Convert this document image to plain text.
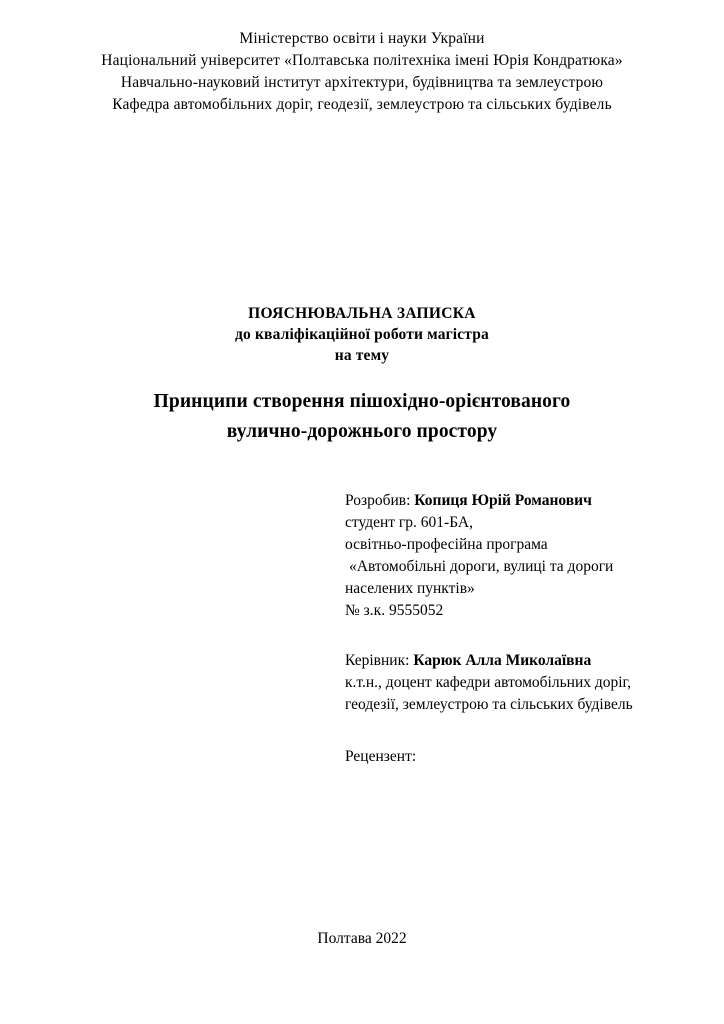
Міністерство освіти і науки України
Національний університет «Полтавська політехніка імені Юрія Кондратюка»
Навчально-науковий інститут архітектури, будівництва та землеустрою
Кафедра автомобільних доріг, геодезії, землеустрою та сільських будівель
ПОЯСНЮВАЛЬНА ЗАПИСКА
до кваліфікаційної роботи магістра
на тему
Принципи створення пішохідно-орієнтованого
вулично-дорожнього простору
Розробив: Копиця Юрій Романович
студент гр. 601-БА,
освітньо-професійна програма
«Автомобільні дороги, вулиці та дороги
населених пунктів»
№ з.к. 9555052
Керівник: Карюк Алла Миколаївна
к.т.н., доцент кафедри автомобільних доріг,
геодезії, землеустрою та сільських будівель
Рецензент:
Полтава 2022
